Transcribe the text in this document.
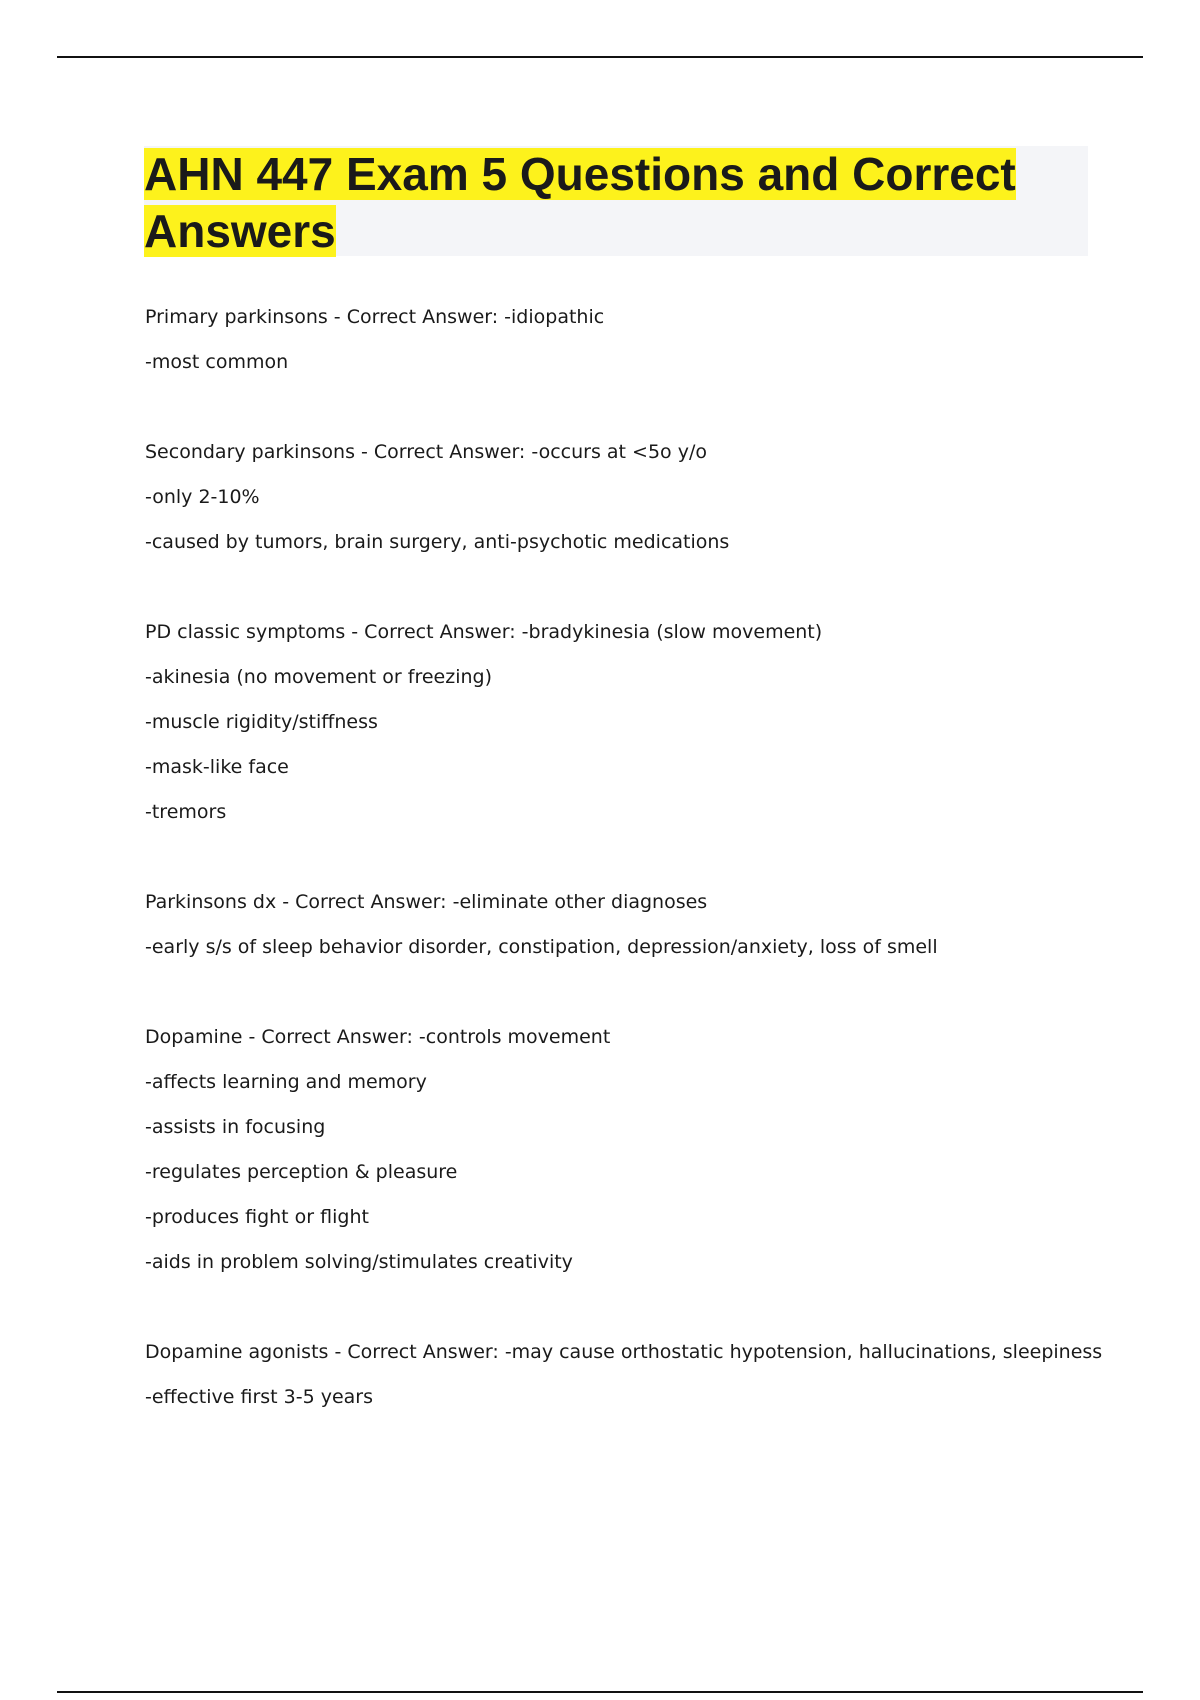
AHN 447 Exam 5 Questions and Correct Answers

Primary parkinsons - Correct Answer: -idiopathic

-most common

Secondary parkinsons - Correct Answer: -occurs at <5o y/o

-only 2-10%

-caused by tumors, brain surgery, anti-psychotic medications

PD classic symptoms - Correct Answer: -bradykinesia (slow movement)

-akinesia (no movement or freezing)

-muscle rigidity/stiffness

-mask-like face

-tremors

Parkinsons dx - Correct Answer: -eliminate other diagnoses

-early s/s of sleep behavior disorder, constipation, depression/anxiety, loss of smell

Dopamine - Correct Answer: -controls movement

-affects learning and memory

-assists in focusing

-regulates perception & pleasure

-produces fight or flight

-aids in problem solving/stimulates creativity

Dopamine agonists - Correct Answer: -may cause orthostatic hypotension, hallucinations, sleepiness

-effective first 3-5 years
